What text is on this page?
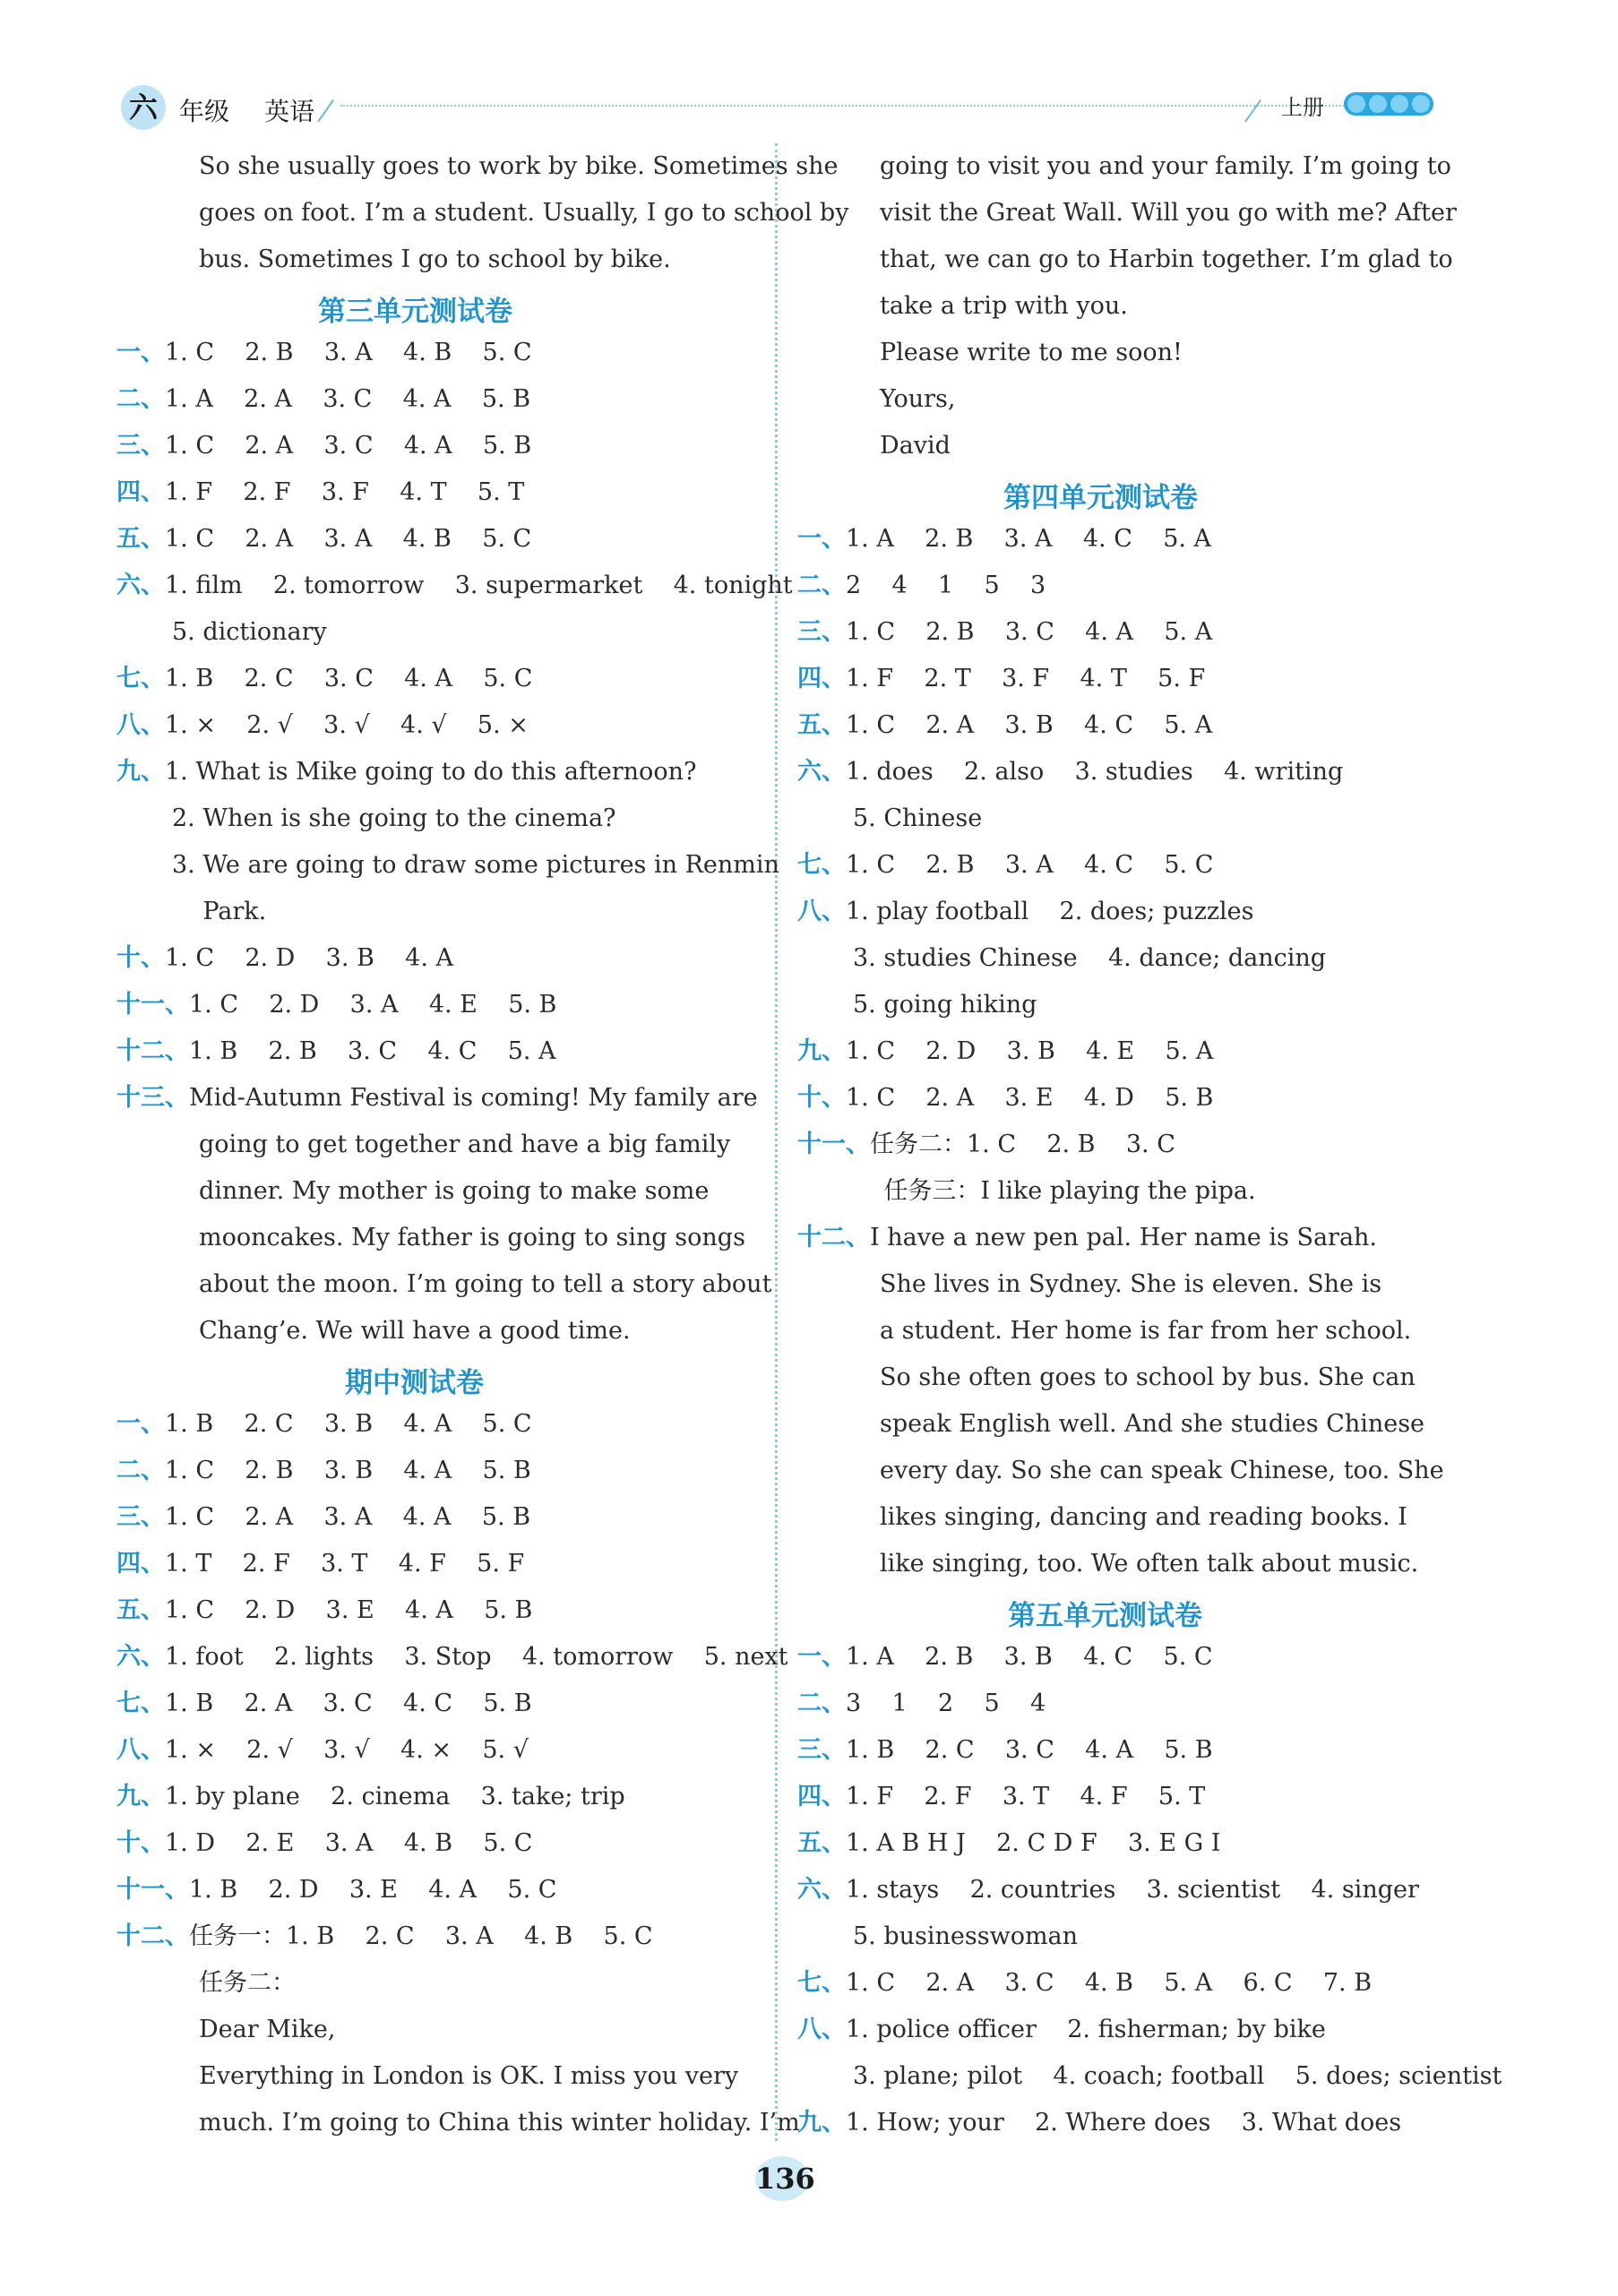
六 年级 英语	上册
So she usually goes to work by bike. Sometimes she
goes on foot. I’m a student. Usually, I go to school by
bus. Sometimes I go to school by bike.
第三单元测试卷
一、1. C    2. B    3. A    4. B    5. C
二、1. A    2. A    3. C    4. A    5. B
三、1. C    2. A    3. C    4. A    5. B
四、1. F    2. F    3. F    4. T    5. T
五、1. C    2. A    3. A    4. B    5. C
六、1. film    2. tomorrow    3. supermarket    4. tonight
5. dictionary
七、1. B    2. C    3. C    4. A    5. C
八、1. ×    2. √    3. √    4. √    5. ×
九、1. What is Mike going to do this afternoon?
2. When is she going to the cinema?
3. We are going to draw some pictures in Renmin
Park.
十、1. C    2. D    3. B    4. A
十一、1. C    2. D    3. A    4. E    5. B
十二、1. B    2. B    3. C    4. C    5. A
十三、Mid-Autumn Festival is coming! My family are
going to get together and have a big family
dinner. My mother is going to make some
mooncakes. My father is going to sing songs
about the moon. I’m going to tell a story about
Chang’e. We will have a good time.
期中测试卷
一、1. B    2. C    3. B    4. A    5. C
二、1. C    2. B    3. B    4. A    5. B
三、1. C    2. A    3. A    4. A    5. B
四、1. T    2. F    3. T    4. F    5. F
五、1. C    2. D    3. E    4. A    5. B
六、1. foot    2. lights    3. Stop    4. tomorrow    5. next
七、1. B    2. A    3. C    4. C    5. B
八、1. ×    2. √    3. √    4. ×    5. √
九、1. by plane    2. cinema    3. take; trip
十、1. D    2. E    3. A    4. B    5. C
十一、1. B    2. D    3. E    4. A    5. C
十二、任务一：1. B    2. C    3. A    4. B    5. C
任务二：
Dear Mike,
Everything in London is OK. I miss you very
much. I’m going to China this winter holiday. I’m
going to visit you and your family. I’m going to
visit the Great Wall. Will you go with me? After
that, we can go to Harbin together. I’m glad to
take a trip with you.
Please write to me soon!
Yours,
David
第四单元测试卷
一、1. A    2. B    3. A    4. C    5. A
二、2    4    1    5    3
三、1. C    2. B    3. C    4. A    5. A
四、1. F    2. T    3. F    4. T    5. F
五、1. C    2. A    3. B    4. C    5. A
六、1. does    2. also    3. studies    4. writing
5. Chinese
七、1. C    2. B    3. A    4. C    5. C
八、1. play football    2. does; puzzles
3. studies Chinese    4. dance; dancing
5. going hiking
九、1. C    2. D    3. B    4. E    5. A
十、1. C    2. A    3. E    4. D    5. B
十一、任务二：1. C    2. B    3. C
任务三：I like playing the pipa.
十二、I have a new pen pal. Her name is Sarah.
She lives in Sydney. She is eleven. She is
a student. Her home is far from her school.
So she often goes to school by bus. She can
speak English well. And she studies Chinese
every day. So she can speak Chinese, too. She
likes singing, dancing and reading books. I
like singing, too. We often talk about music.
第五单元测试卷
一、1. A    2. B    3. B    4. C    5. C
二、3    1    2    5    4
三、1. B    2. C    3. C    4. A    5. B
四、1. F    2. F    3. T    4. F    5. T
五、1. A B H J    2. C D F    3. E G I
六、1. stays    2. countries    3. scientist    4. singer
5. businesswoman
七、1. C    2. A    3. C    4. B    5. A    6. C    7. B
八、1. police officer    2. fisherman; by bike
3. plane; pilot    4. coach; football    5. does; scientist
九、1. How; your    2. Where does    3. What does
136
